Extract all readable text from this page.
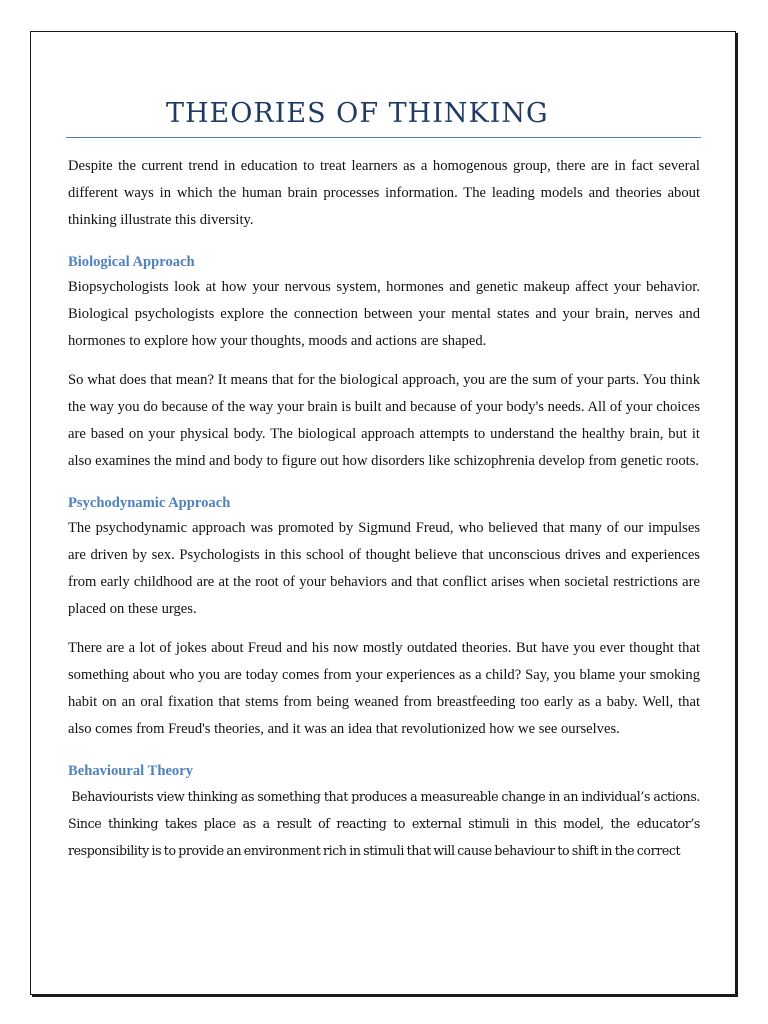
THEORIES OF THINKING

Despite the current trend in education to treat learners as a homogenous group, there are in fact several different ways in which the human brain processes information. The leading models and theories about thinking illustrate this diversity.

Biological Approach

Biopsychologists look at how your nervous system, hormones and genetic makeup affect your behavior. Biological psychologists explore the connection between your mental states and your brain, nerves and hormones to explore how your thoughts, moods and actions are shaped.

So what does that mean? It means that for the biological approach, you are the sum of your parts. You think the way you do because of the way your brain is built and because of your body's needs. All of your choices are based on your physical body. The biological approach attempts to understand the healthy brain, but it also examines the mind and body to figure out how disorders like schizophrenia develop from genetic roots.

Psychodynamic Approach

The psychodynamic approach was promoted by Sigmund Freud, who believed that many of our impulses are driven by sex. Psychologists in this school of thought believe that unconscious drives and experiences from early childhood are at the root of your behaviors and that conflict arises when societal restrictions are placed on these urges.

There are a lot of jokes about Freud and his now mostly outdated theories. But have you ever thought that something about who you are today comes from your experiences as a child? Say, you blame your smoking habit on an oral fixation that stems from being weaned from breastfeeding too early as a baby. Well, that also comes from Freud's theories, and it was an idea that revolutionized how we see ourselves.

Behavioural Theory

Behaviourists view thinking as something that produces a measureable change in an individual’s actions. Since thinking takes place as a result of reacting to external stimuli in this model, the educator’s responsibility is to provide an environment rich in stimuli that will cause behaviour to shift in the correct
